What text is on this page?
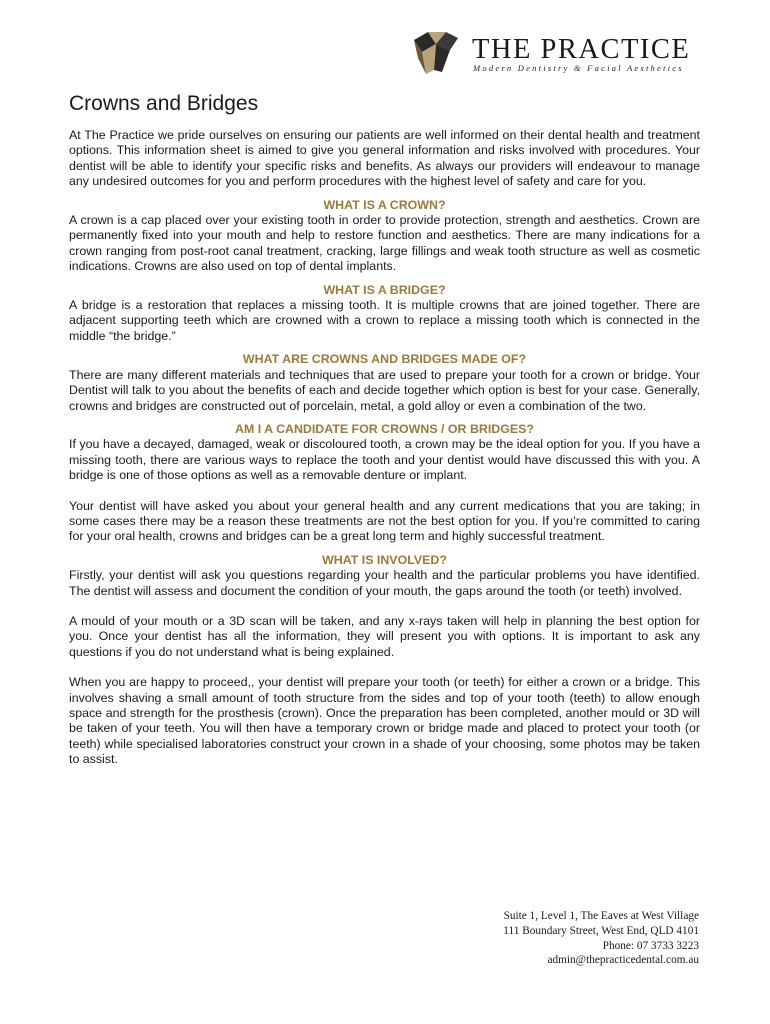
THE PRACTICE
Modern Dentistry & Facial Aesthetics
Crowns and Bridges

At The Practice we pride ourselves on ensuring our patients are well informed on their dental health and treatment options. This information sheet is aimed to give you general information and risks involved with procedures. Your dentist will be able to identify your specific risks and benefits. As always our providers will endeavour to manage any undesired outcomes for you and perform procedures with the highest level of safety and care for you.

WHAT IS A CROWN?

A crown is a cap placed over your existing tooth in order to provide protection, strength and aesthetics. Crown are permanently fixed into your mouth and help to restore function and aesthetics. There are many indications for a crown ranging from post-root canal treatment, cracking, large fillings and weak tooth structure as well as cosmetic indications. Crowns are also used on top of dental implants.

WHAT IS A BRIDGE?

A bridge is a restoration that replaces a missing tooth. It is multiple crowns that are joined together. There are adjacent supporting teeth which are crowned with a crown to replace a missing tooth which is connected in the middle “the bridge.”

WHAT ARE CROWNS AND BRIDGES MADE OF?

There are many different materials and techniques that are used to prepare your tooth for a crown or bridge. Your Dentist will talk to you about the benefits of each and decide together which option is best for your case. Generally, crowns and bridges are constructed out of porcelain, metal, a gold alloy or even a combination of the two.

AM I A CANDIDATE FOR CROWNS / OR BRIDGES?

If you have a decayed, damaged, weak or discoloured tooth, a crown may be the ideal option for you. If you have a missing tooth, there are various ways to replace the tooth and your dentist would have discussed this with you. A bridge is one of those options as well as a removable denture or implant.

Your dentist will have asked you about your general health and any current medications that you are taking; in some cases there may be a reason these treatments are not the best option for you. If you’re committed to caring for your oral health, crowns and bridges can be a great long term and highly successful treatment.

WHAT IS INVOLVED?

Firstly, your dentist will ask you questions regarding your health and the particular problems you have identified. The dentist will assess and document the condition of your mouth, the gaps around the tooth (or teeth) involved.

A mould of your mouth or a 3D scan will be taken, and any x-rays taken will help in planning the best option for you. Once your dentist has all the information, they will present you with options. It is important to ask any questions if you do not understand what is being explained.

When you are happy to proceed,, your dentist will prepare your tooth (or teeth) for either a crown or a bridge. This involves shaving a small amount of tooth structure from the sides and top of your tooth (teeth) to allow enough space and strength for the prosthesis (crown). Once the preparation has been completed, another mould or 3D will be taken of your teeth. You will then have a temporary crown or bridge made and placed to protect your tooth (or teeth) while specialised laboratories construct your crown in a shade of your choosing, some photos may be taken to assist.

Suite 1, Level 1, The Eaves at West Village
111 Boundary Street, West End, QLD 4101
Phone: 07 3733 3223
admin@thepracticedental.com.au
